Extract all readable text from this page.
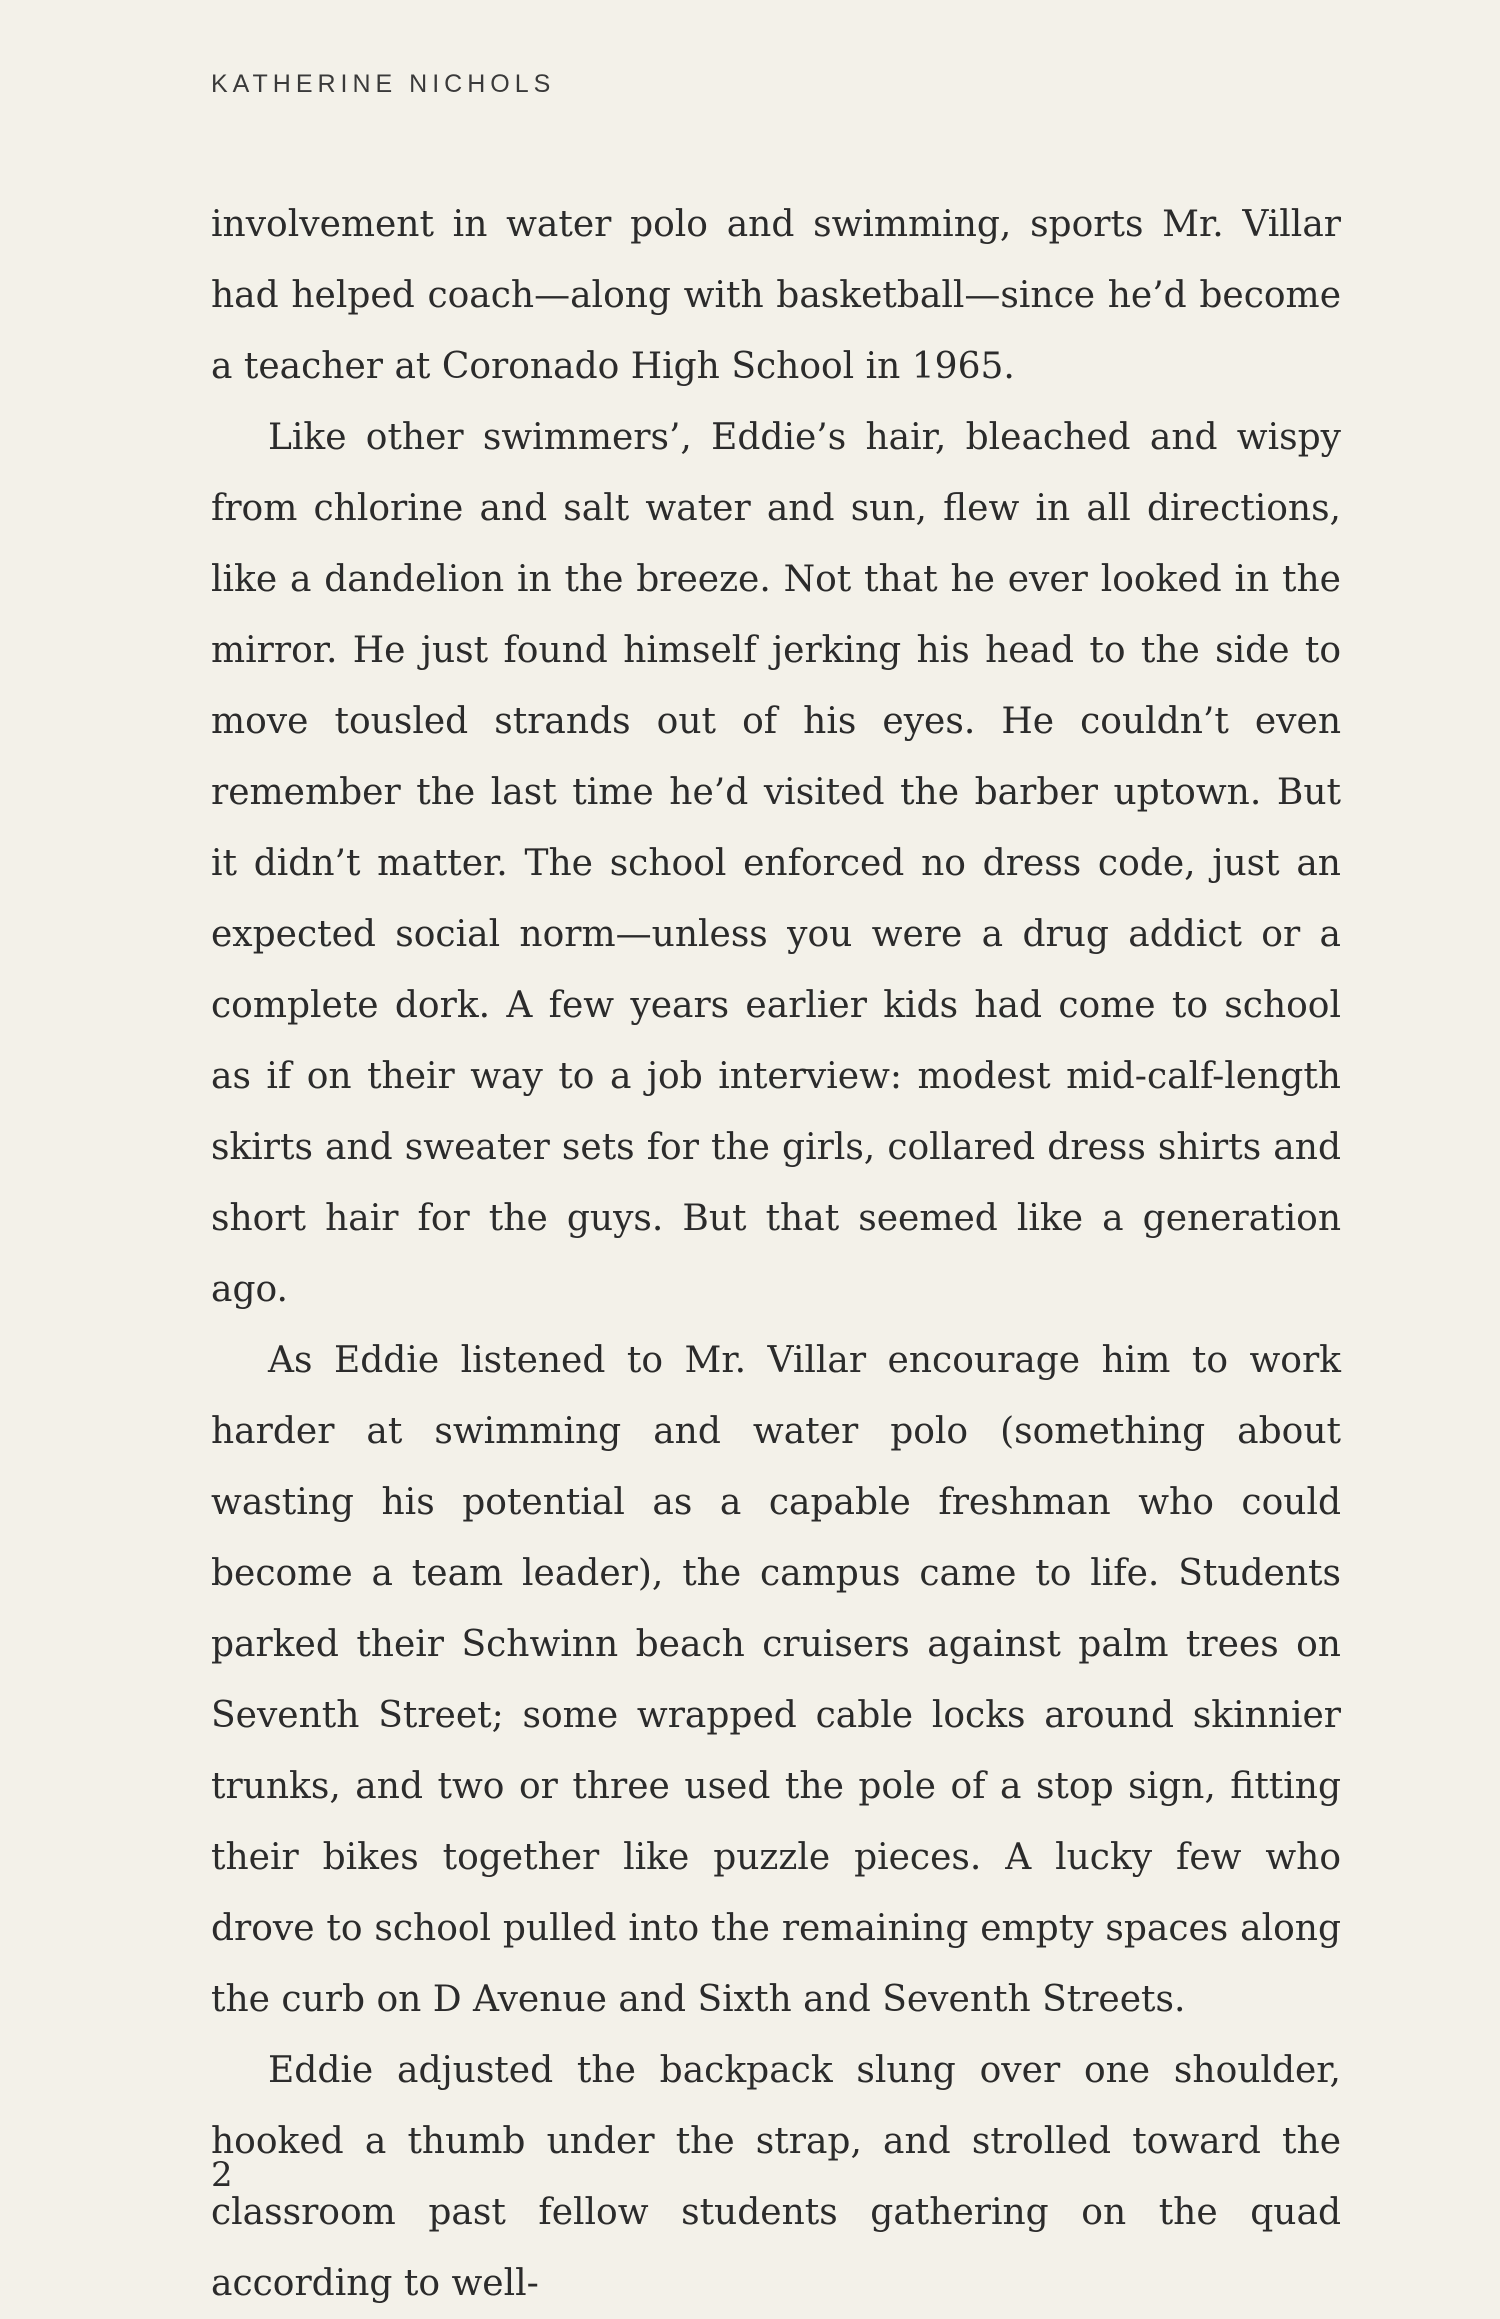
KATHERINE NICHOLS

involvement in water polo and swimming, sports Mr. Villar had helped coach—along with basketball—since he’d become a teacher at Coronado High School in 1965.

Like other swimmers’, Eddie’s hair, bleached and wispy from chlorine and salt water and sun, flew in all directions, like a dandelion in the breeze. Not that he ever looked in the mirror. He just found himself jerking his head to the side to move tousled strands out of his eyes. He couldn’t even remember the last time he’d visited the barber uptown. But it didn’t matter. The school enforced no dress code, just an expected social norm—unless you were a drug addict or a complete dork. A few years earlier kids had come to school as if on their way to a job interview: modest mid-calf-length skirts and sweater sets for the girls, collared dress shirts and short hair for the guys. But that seemed like a generation ago.

As Eddie listened to Mr. Villar encourage him to work harder at swimming and water polo (something about wasting his potential as a capable freshman who could become a team leader), the campus came to life. Students parked their Schwinn beach cruisers against palm trees on Seventh Street; some wrapped cable locks around skinnier trunks, and two or three used the pole of a stop sign, fitting their bikes together like puzzle pieces. A lucky few who drove to school pulled into the remaining empty spaces along the curb on D Avenue and Sixth and Seventh Streets.

Eddie adjusted the backpack slung over one shoulder, hooked a thumb under the strap, and strolled toward the classroom past fellow students gathering on the quad according to well-

2
